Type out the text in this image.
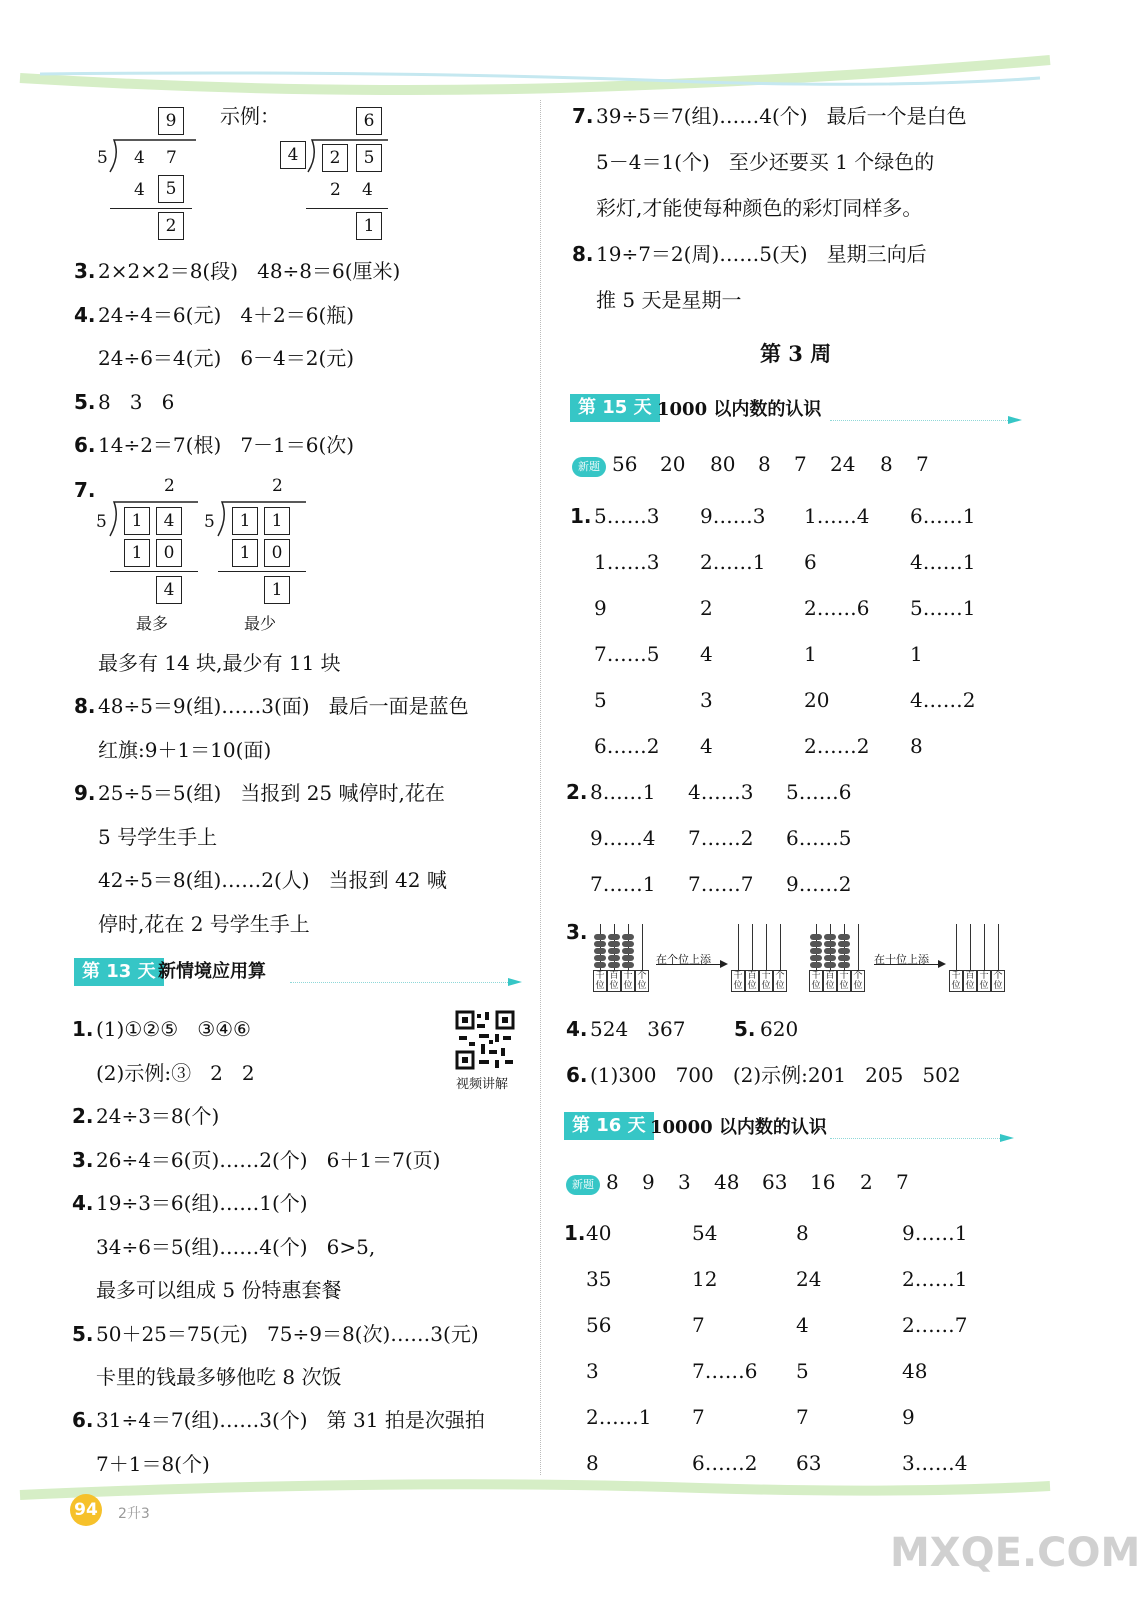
9
5 4 7
4	5
2
示例：	6
4	2	5
2 4
1
3. 2×2×2＝8(段)   48÷8＝6(厘米)
4. 24÷4＝6(元)   4＋2＝6(瓶)
24÷6＝4(元)   6－4＝2(元)
5. 8   3   6
6. 14÷2＝7(根)   7－1＝6(次)
7.	2
5	1	4
1	0
4
最多
2
5	1	1
1	0
1
最少
最多有 14 块,最少有 11 块
8. 48÷5＝9(组)……3(面)   最后一面是蓝色
红旗:9＋1＝10(面)
9. 25÷5＝5(组)   当报到 25 喊停时,花在
5 号学生手上
42÷5＝8(组)……2(人)   当报到 42 喊
停时,花在 2 号学生手上
第 13 天 新情境应用算
1. (1)①②⑤   ③④⑥
(2)示例:③   2   2
2. 24÷3＝8(个)
3. 26÷4＝6(页)……2(个)   6＋1＝7(页)
4. 19÷3＝6(组)……1(个)
34÷6＝5(组)……4(个)   6>5,
最多可以组成 5 份特惠套餐
5. 50＋25＝75(元)   75÷9＝8(次)……3(元)
卡里的钱最多够他吃 8 次饭
6. 31÷4＝7(组)……3(个)   第 31 拍是次强拍
7＋1＝8(个)
视频讲解
7. 39÷5＝7(组)……4(个)   最后一个是白色
5－4＝1(个)   至少还要买 1 个绿色的
彩灯,才能使每种颜色的彩灯同样多。
8. 19÷7＝2(周)……5(天)   星期三向后
推 5 天是星期一
第 3 周
第 15 天 1000 以内数的认识
新题 56 20 80 8 7 24 8 7
1. 5……3 9……3 1……4 6……1
1……3 2……1 6	4……1
9	2	2……6 5……1
7……5 4	1	1
5	3	20	4……2
6……2 4	2……2 8
2. 8……1 4……3 5……6
9……4 7……2 6……5
7……1 7……7 9……2
3.
千位
百位
十位
个位
千位
百位
十位
个位
千位
百位
十位
个位
千位
百位
十位
个位
在个位上添	在十位上添
4. 524   367 5. 620
6. (1)300   700   (2)示例:201   205   502
第 16 天 10000 以内数的认识
新题 8 9 3 48 63 16 2 7
1. 40	54	8	9……1
35	12	24	2……1
56	7	4	2……7
3	7……6 5	48
2……1 7	7	9
8	6……2 63	3……4
94 2升3
MXQE.COM
